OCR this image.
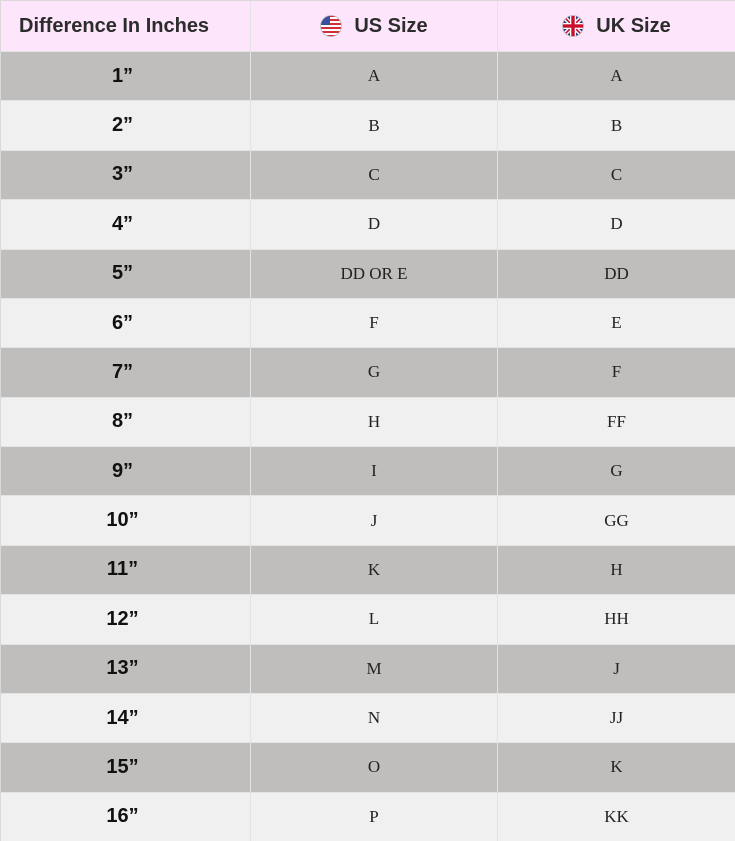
Difference In Inches	US Size	UK Size
1”	A	A
2”	B	B
3”	C	C
4”	D	D
5”	DD OR E	DD
6”	F	E
7”	G	F
8”	H	FF
9”	I	G
10”	J	GG
11”	K	H
12”	L	HH
13”	M	J
14”	N	JJ
15”	O	K
16”	P	KK
